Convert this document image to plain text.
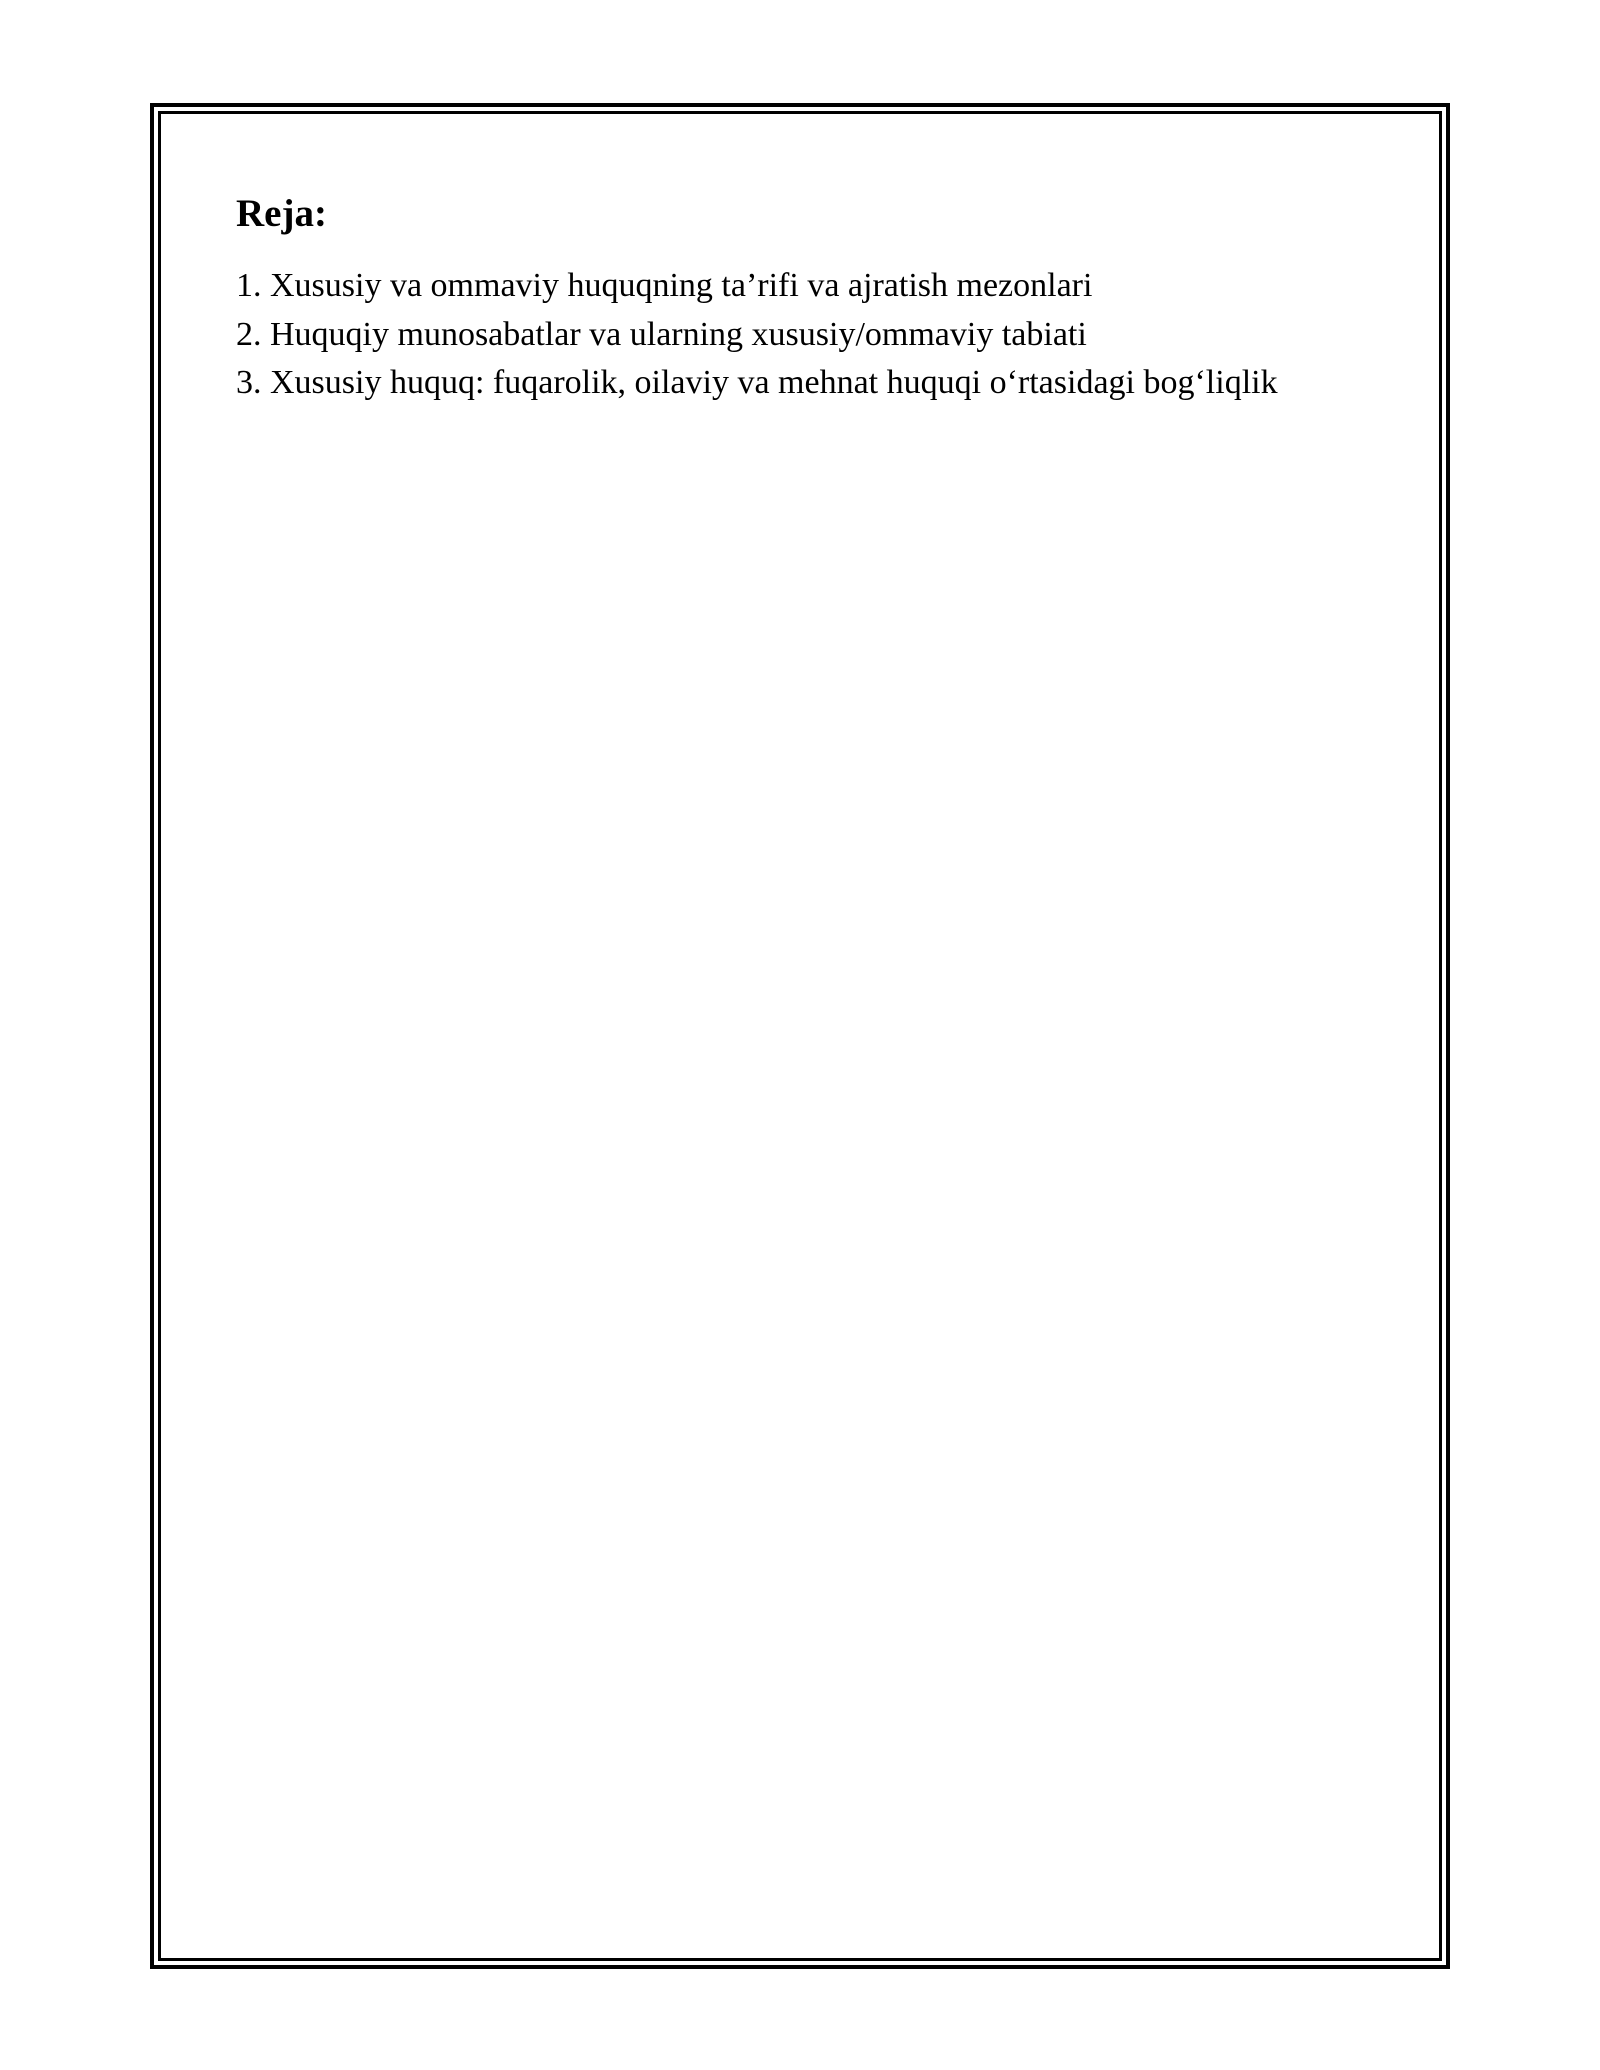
Reja:
1. Xususiy va ommaviy huquqning ta’rifi va ajratish mezonlari
2. Huquqiy munosabatlar va ularning xususiy/ommaviy tabiati
3. Xususiy huquq: fuqarolik, oilaviy va mehnat huquqi o‘rtasidagi bog‘liqlik
